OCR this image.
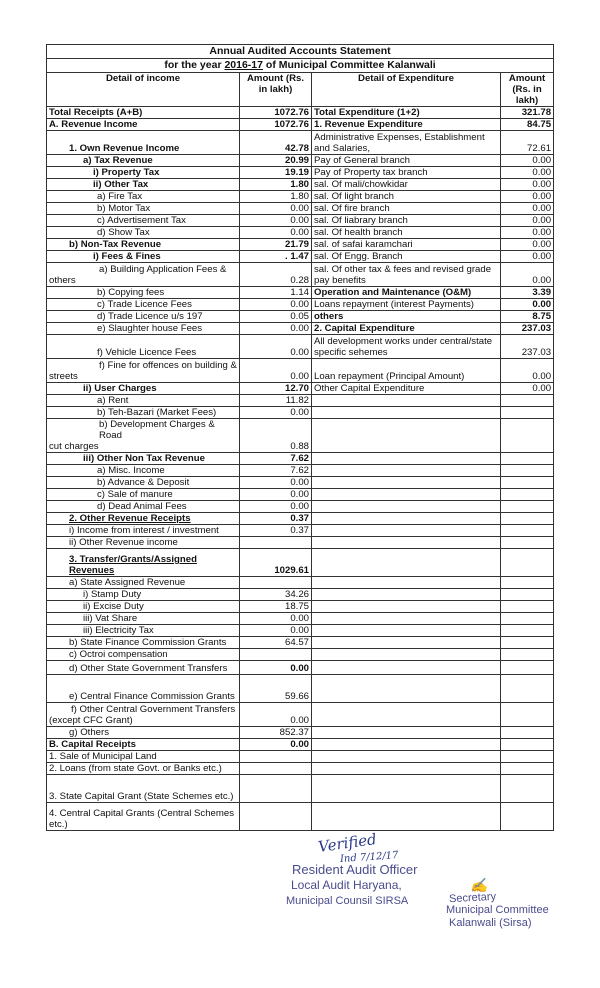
Annual Audited Accounts Statement			
for the year 2016-17 of Municipal Committee Kalanwali			
Detail of income	Amount (Rs. in lakh)	Detail of Expenditure	Amount (Rs. in lakh)
Total Receipts (A+B)	1072.76	Total Expenditure (1+2)	321.78
A. Revenue Income	1072.76	1. Revenue Expenditure	84.75
1. Own Revenue Income	42.78	Administrative Expenses, Establishment and Salaries,	72.61
a) Tax Revenue	20.99	Pay of General branch	0.00
i) Property Tax	19.19	Pay of Property tax branch	0.00
ii) Other Tax	1.80	sal. Of mali/chowkidar	0.00
a) Fire Tax	1.80	sal. Of light branch	0.00
b) Motor Tax	0.00	sal. Of fire branch	0.00
c) Advertisement Tax	0.00	sal. Of liabrary branch	0.00
d) Show Tax	0.00	sal. Of health branch	0.00
b) Non-Tax Revenue	21.79	sal. of safai karamchari	0.00
i) Fees & Fines	. 1.47	sal. Of Engg. Branch	0.00

a) Building Application Fees &
others	0.28	sal. Of other tax & fees and revised grade pay benefits	0.00
b) Copying fees	1.14	Operation and Maintenance (O&M)	3.39
c) Trade Licence Fees	0.00	Loans repayment (interest Payments)	0.00
d) Trade Licence u/s 197	0.05	others	8.75
e) Slaughter house Fees	0.00	2. Capital Expenditure	237.03
f) Vehicle Licence Fees	0.00	All development works under central/state specific sehemes	237.03

f) Fine for offences on building &
streets	0.00	Loan repayment (Principal Amount)	0.00
ii) User Charges	12.70	Other Capital Expenditure	0.00
a) Rent	11.82		
b) Teh-Bazari (Market Fees)	0.00		

b) Development Charges & Road
cut charges	0.88		
iii) Other Non Tax Revenue	7.62		
a) Misc. Income	7.62		
b) Advance & Deposit	0.00		
c) Sale of manure	0.00		
d) Dead Animal Fees	0.00		
2. Other Revenue Receipts	0.37		
i) Income from interest / investment	0.37		
ii) Other Revenue income			
3. Transfer/Grants/Assigned Revenues	1029.61		
a) State Assigned Revenue			
i) Stamp Duty	34.26		
ii) Excise Duty	18.75		
iii) Vat Share	0.00		
iii) Electricity Tax	0.00		
b) State Finance Commission Grants	64.57		
c) Octroi compensation			
d) Other State Government Transfers	0.00		
e) Central Finance Commission Grants	59.66		

f) Other Central Government Transfers
(except CFC Grant)	0.00		
g) Others	852.37		
B. Capital Receipts	0.00		
1. Sale of Municipal Land			
2. Loans (from state Govt. or Banks etc.)			
3. State Capital Grant (State Schemes etc.)			

4. Central Capital Grants (Central Schemes
etc.)			

Verified
Ind 7/12/17
Resident Audit Officer
Local Audit Haryana,
Municipal Counsil SIRSA
✍
Secretary
Municipal Committee
Kalanwali (Sirsa)
